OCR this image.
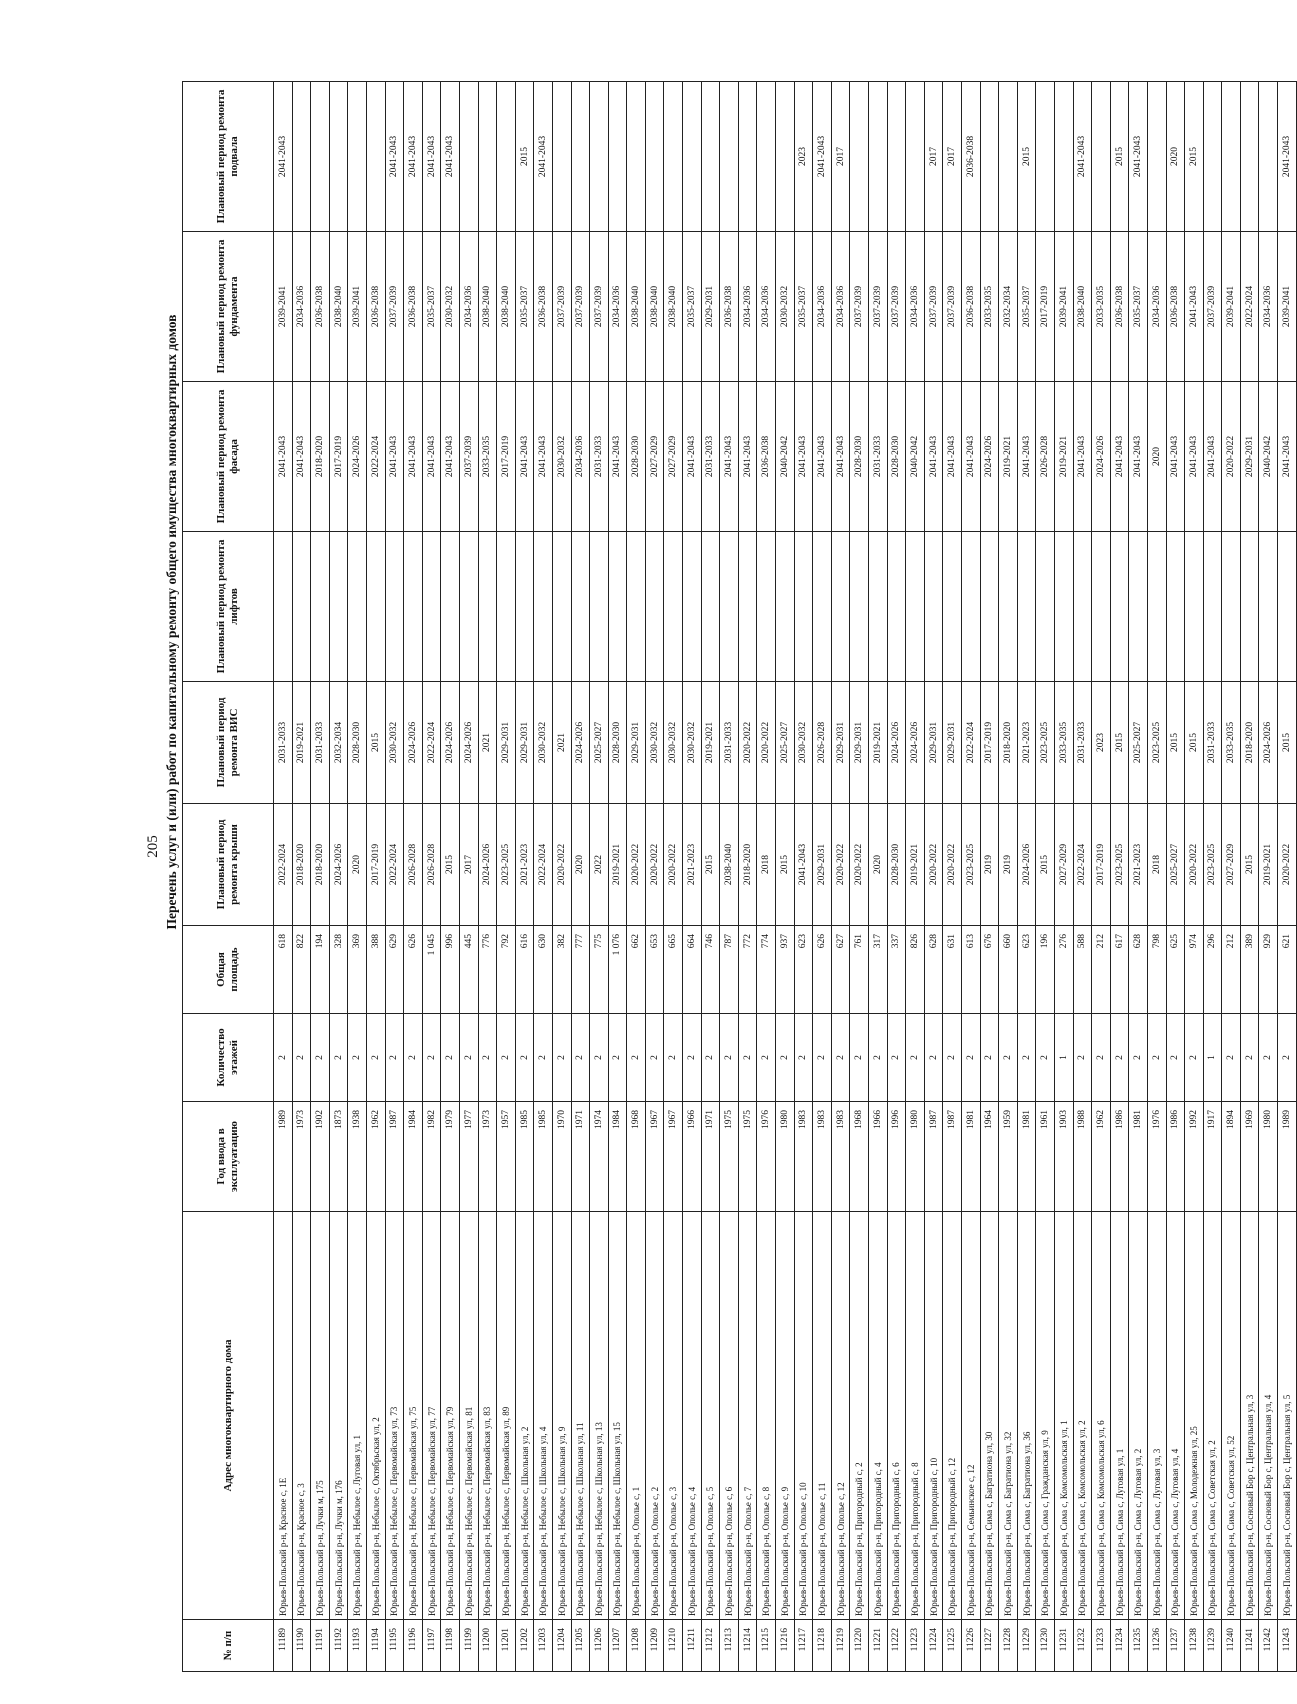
205 Перечень услуг и (или) работ по капитальному ремонту общего имущества многоквартирных домов
№ п/п	Адрес многоквартирного дома	Год ввода в эксплуатацию	Количество этажей	Общая площадь	Плановый период ремонта крыши	Плановый период ремонта ВИС	Плановый период ремонта лифтов	Плановый период ремонта фасада	Плановый период ремонта фундамента	Плановый период ремонта подвала
11189	Юрьев-Польский р-н, Красное с, 1Е	1989	2	618	2022-2024	2031-2033		2041-2043	2039-2041	2041-2043
11190	Юрьев-Польский р-н, Красное с, 3	1973	2	822	2018-2020	2019-2021		2041-2043	2034-2036	
11191	Юрьев-Польский р-н, Лучки м, 175	1902	2	194	2018-2020	2031-2033		2018-2020	2036-2038	
11192	Юрьев-Польский р-н, Лучки м, 176	1873	2	328	2024-2026	2032-2034		2017-2019	2038-2040	
11193	Юрьев-Польский р-н, Небылое с, Луговая ул, 1	1938	2	369	2020	2028-2030		2024-2026	2039-2041	
11194	Юрьев-Польский р-н, Небылое с, Октябрьская ул, 2	1962	2	388	2017-2019	2015		2022-2024	2036-2038	
11195	Юрьев-Польский р-н, Небылое с, Первомайская ул, 73	1987	2	629	2022-2024	2030-2032		2041-2043	2037-2039	2041-2043
11196	Юрьев-Польский р-н, Небылое с, Первомайская ул, 75	1984	2	626	2026-2028	2024-2026		2041-2043	2036-2038	2041-2043
11197	Юрьев-Польский р-н, Небылое с, Первомайская ул, 77	1982	2	1 045	2026-2028	2022-2024		2041-2043	2035-2037	2041-2043
11198	Юрьев-Польский р-н, Небылое с, Первомайская ул, 79	1979	2	996	2015	2024-2026		2041-2043	2030-2032	2041-2043
11199	Юрьев-Польский р-н, Небылое с, Первомайская ул, 81	1977	2	445	2017	2024-2026		2037-2039	2034-2036	
11200	Юрьев-Польский р-н, Небылое с, Первомайская ул, 83	1973	2	776	2024-2026	2021		2033-2035	2038-2040	
11201	Юрьев-Польский р-н, Небылое с, Первомайская ул, 89	1957	2	792	2023-2025	2029-2031		2017-2019	2038-2040	
11202	Юрьев-Польский р-н, Небылое с, Школьная ул, 2	1985	2	616	2021-2023	2029-2031		2041-2043	2035-2037	2015
11203	Юрьев-Польский р-н, Небылое с, Школьная ул, 4	1985	2	630	2022-2024	2030-2032		2041-2043	2036-2038	2041-2043
11204	Юрьев-Польский р-н, Небылое с, Школьная ул, 9	1970	2	382	2020-2022	2021		2030-2032	2037-2039	
11205	Юрьев-Польский р-н, Небылое с, Школьная ул, 11	1971	2	777	2020	2024-2026		2034-2036	2037-2039	
11206	Юрьев-Польский р-н, Небылое с, Школьная ул, 13	1974	2	775	2022	2025-2027		2031-2033	2037-2039	
11207	Юрьев-Польский р-н, Небылое с, Школьная ул, 15	1984	2	1 076	2019-2021	2028-2030		2041-2043	2034-2036	
11208	Юрьев-Польский р-н, Ополье с, 1	1968	2	662	2020-2022	2029-2031		2028-2030	2038-2040	
11209	Юрьев-Польский р-н, Ополье с, 2	1967	2	653	2020-2022	2030-2032		2027-2029	2038-2040	
11210	Юрьев-Польский р-н, Ополье с, 3	1967	2	665	2020-2022	2030-2032		2027-2029	2038-2040	
11211	Юрьев-Польский р-н, Ополье с, 4	1966	2	664	2021-2023	2030-2032		2041-2043	2035-2037	
11212	Юрьев-Польский р-н, Ополье с, 5	1971	2	746	2015	2019-2021		2031-2033	2029-2031	
11213	Юрьев-Польский р-н, Ополье с, 6	1975	2	787	2038-2040	2031-2033		2041-2043	2036-2038	
11214	Юрьев-Польский р-н, Ополье с, 7	1975	2	772	2018-2020	2020-2022		2041-2043	2034-2036	
11215	Юрьев-Польский р-н, Ополье с, 8	1976	2	774	2018	2020-2022		2036-2038	2034-2036	
11216	Юрьев-Польский р-н, Ополье с, 9	1980	2	937	2015	2025-2027		2040-2042	2030-2032	
11217	Юрьев-Польский р-н, Ополье с, 10	1983	2	623	2041-2043	2030-2032		2041-2043	2035-2037	2023
11218	Юрьев-Польский р-н, Ополье с, 11	1983	2	626	2029-2031	2026-2028		2041-2043	2034-2036	2041-2043
11219	Юрьев-Польский р-н, Ополье с, 12	1983	2	627	2020-2022	2029-2031		2041-2043	2034-2036	2017
11220	Юрьев-Польский р-н, Пригородный с, 2	1968	2	761	2020-2022	2029-2031		2028-2030	2037-2039	
11221	Юрьев-Польский р-н, Пригородный с, 4	1966	2	317	2020	2019-2021		2031-2033	2037-2039	
11222	Юрьев-Польский р-н, Пригородный с, 6	1996	2	337	2028-2030	2024-2026		2028-2030	2037-2039	
11223	Юрьев-Польский р-н, Пригородный с, 8	1980	2	826	2019-2021	2024-2026		2040-2042	2034-2036	
11224	Юрьев-Польский р-н, Пригородный с, 10	1987	2	628	2020-2022	2029-2031		2041-2043	2037-2039	2017
11225	Юрьев-Польский р-н, Пригородный с, 12	1987	2	631	2020-2022	2029-2031		2041-2043	2037-2039	2017
11226	Юрьев-Польский р-н, Семьинское с, 12	1981	2	613	2023-2025	2022-2024		2041-2043	2036-2038	2036-2038
11227	Юрьев-Польский р-н, Сима с, Багратиона ул, 30	1964	2	676	2019	2017-2019		2024-2026	2033-2035	
11228	Юрьев-Польский р-н, Сима с, Багратиона ул, 32	1959	2	660	2019	2018-2020		2019-2021	2032-2034	
11229	Юрьев-Польский р-н, Сима с, Багратиона ул, 36	1981	2	623	2024-2026	2021-2023		2041-2043	2035-2037	2015
11230	Юрьев-Польский р-н, Сима с, Гражданская ул, 9	1961	2	196	2015	2023-2025		2026-2028	2017-2019	
11231	Юрьев-Польский р-н, Сима с, Комсомольская ул, 1	1903	1	276	2027-2029	2033-2035		2019-2021	2039-2041	
11232	Юрьев-Польский р-н, Сима с, Комсомольская ул, 2	1988	2	588	2022-2024	2031-2033		2041-2043	2038-2040	2041-2043
11233	Юрьев-Польский р-н, Сима с, Комсомольская ул, 6	1962	2	212	2017-2019	2023		2024-2026	2033-2035	
11234	Юрьев-Польский р-н, Сима с, Луговая ул, 1	1986	2	617	2023-2025	2015		2041-2043	2036-2038	2015
11235	Юрьев-Польский р-н, Сима с, Луговая ул, 2	1981	2	628	2021-2023	2025-2027		2041-2043	2035-2037	2041-2043
11236	Юрьев-Польский р-н, Сима с, Луговая ул, 3	1976	2	798	2018	2023-2025		2020	2034-2036	
11237	Юрьев-Польский р-н, Сима с, Луговая ул, 4	1986	2	625	2025-2027	2015		2041-2043	2036-2038	2020
11238	Юрьев-Польский р-н, Сима с, Молодежная ул, 25	1992	2	974	2020-2022	2015		2041-2043	2041-2043	2015
11239	Юрьев-Польский р-н, Сима с, Советская ул, 2	1917	1	296	2023-2025	2031-2033		2041-2043	2037-2039	
11240	Юрьев-Польский р-н, Сима с, Советская ул, 52	1894	2	212	2027-2029	2033-2035		2020-2022	2039-2041	
11241	Юрьев-Польский р-н, Сосновый Бор с, Центральная ул, 3	1969	2	389	2015	2018-2020		2029-2031	2022-2024	
11242	Юрьев-Польский р-н, Сосновый Бор с, Центральная ул, 4	1980	2	929	2019-2021	2024-2026		2040-2042	2034-2036	
11243	Юрьев-Польский р-н, Сосновый Бор с, Центральная ул, 5	1989	2	621	2020-2022	2015		2041-2043	2039-2041	2041-2043
